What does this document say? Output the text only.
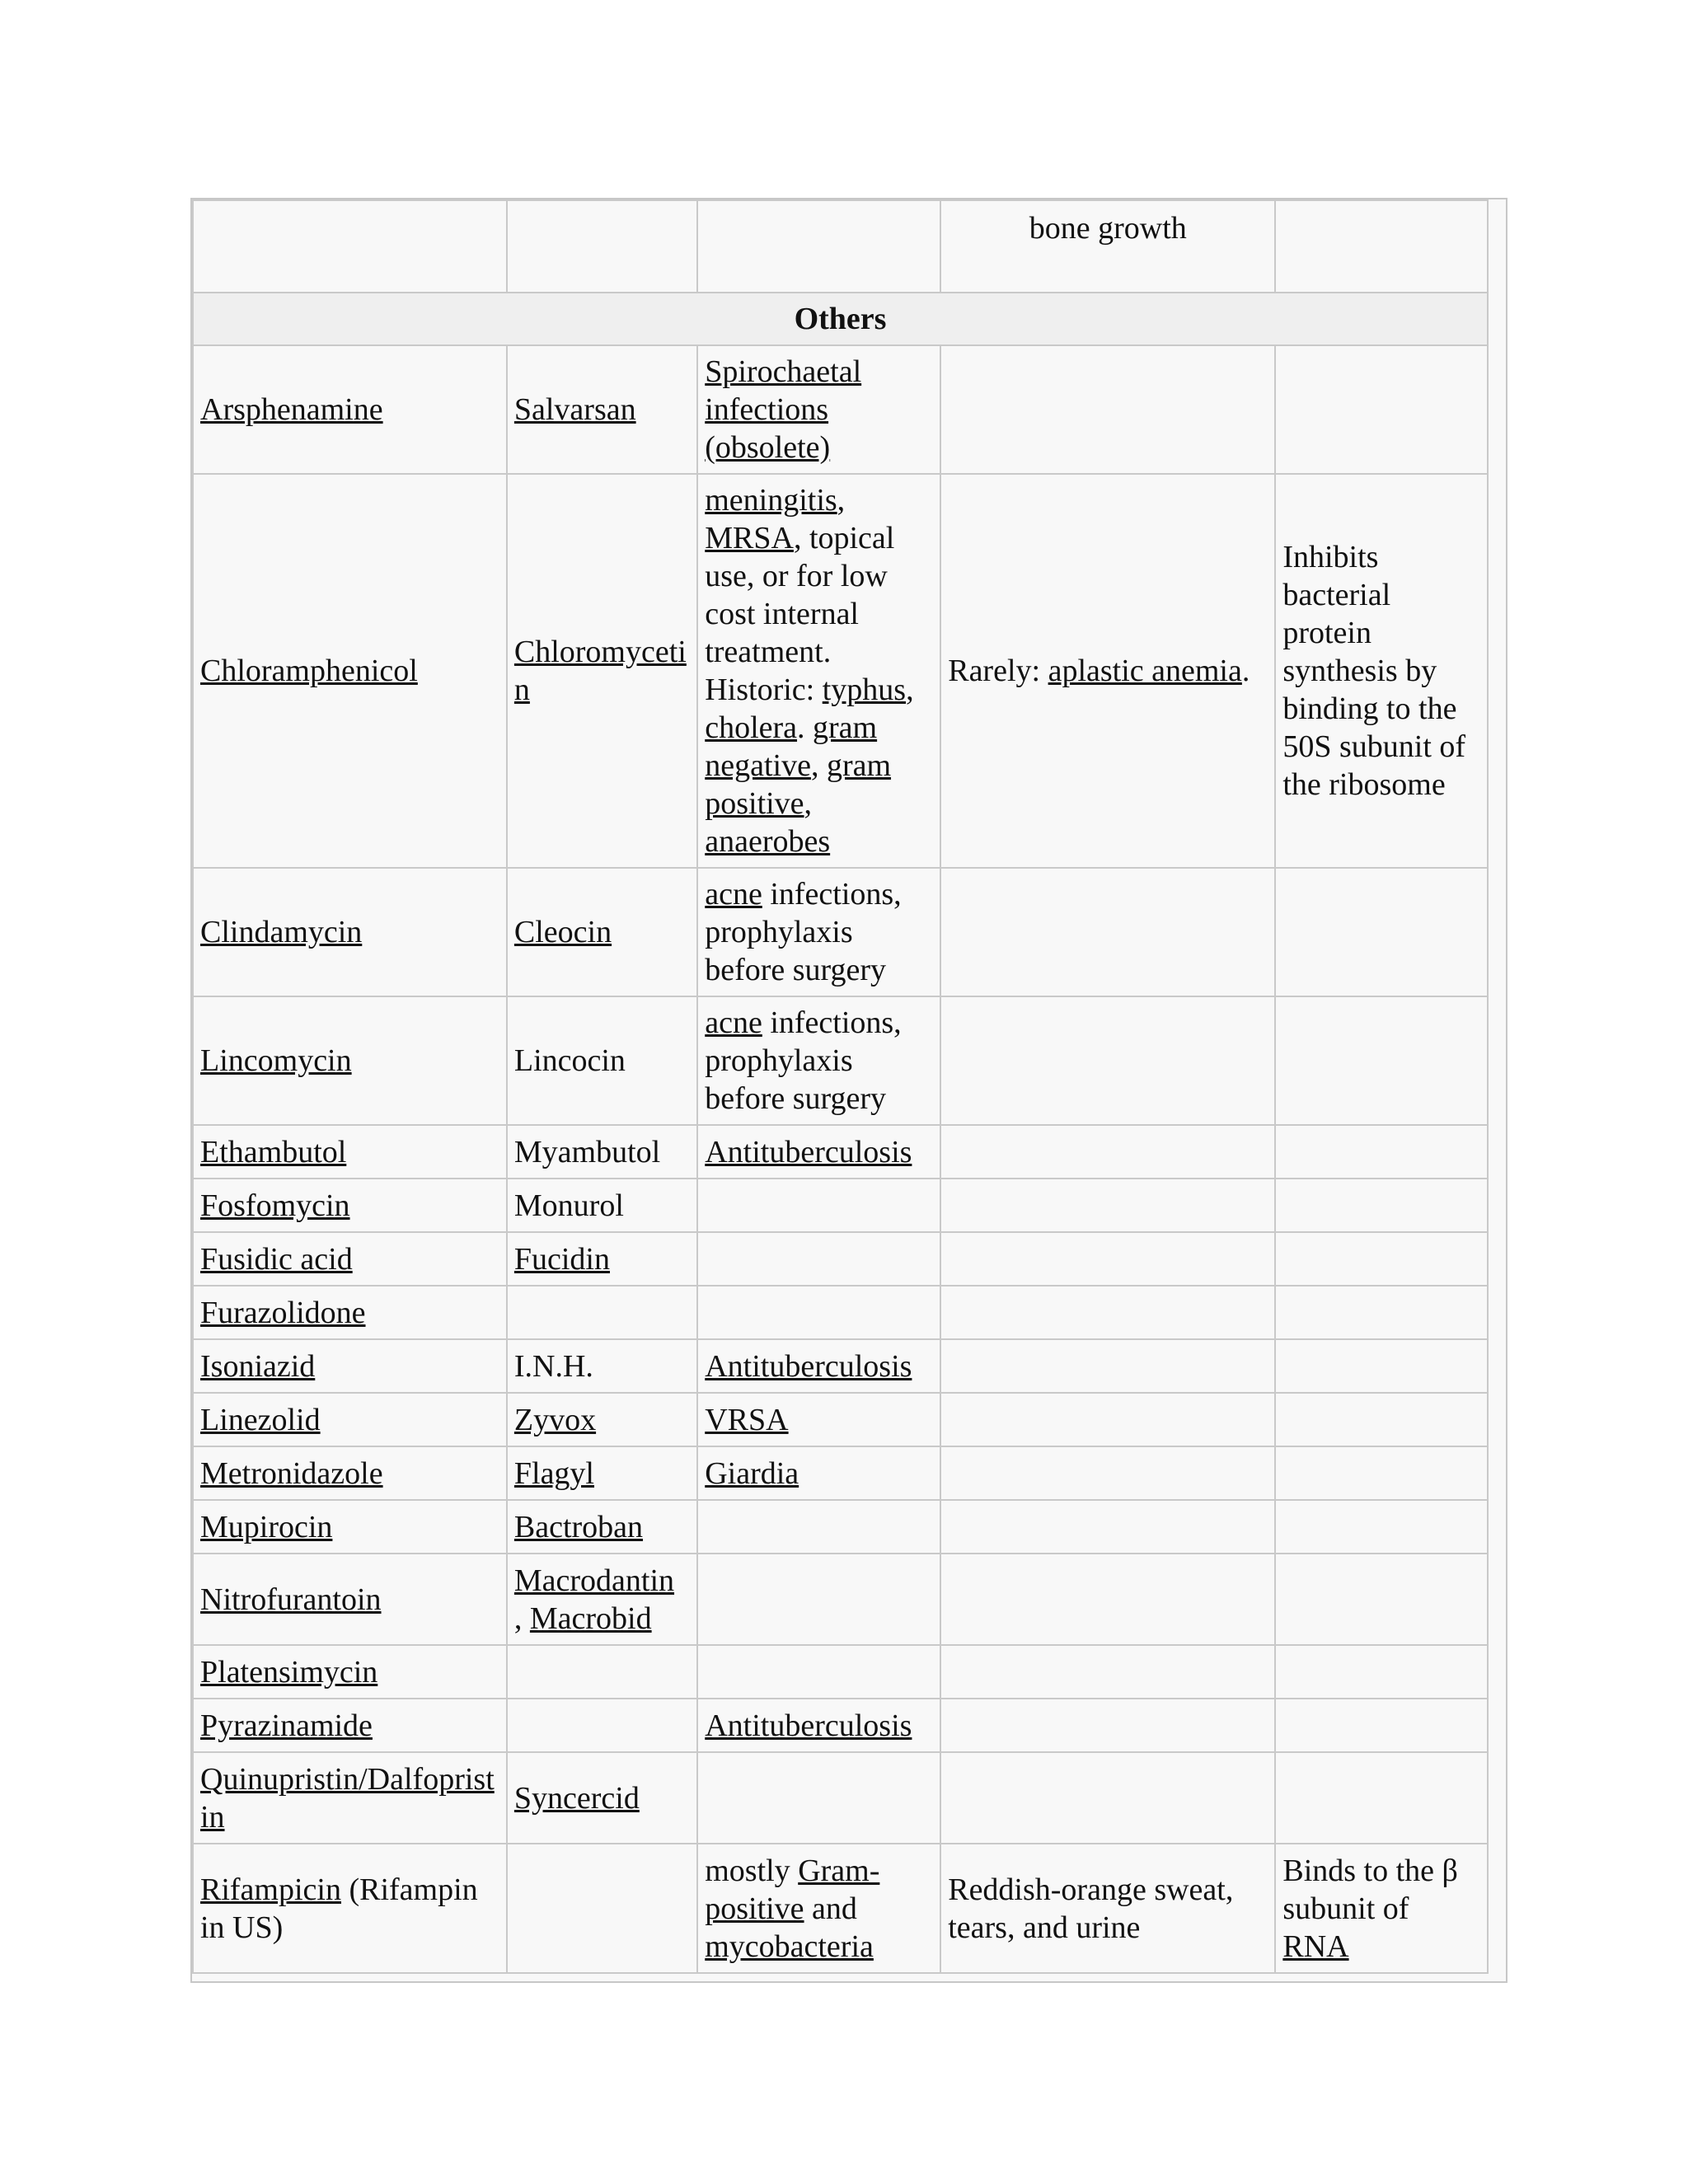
			bone growth	
Others				
Arsphenamine	Salvarsan	Spirochaetal infections (obsolete)		
Chloramphenicol	Chloromycetin	meningitis, MRSA, topical use, or for low cost internal treatment. Historic: typhus, cholera. gram negative, gram positive, anaerobes	Rarely: aplastic anemia.	Inhibits bacterial protein synthesis by binding to the 50S subunit of the ribosome
Clindamycin	Cleocin	acne infections, prophylaxis before surgery		
Lincomycin	Lincocin	acne infections, prophylaxis before surgery		
Ethambutol	Myambutol	Antituberculosis		
Fosfomycin	Monurol			
Fusidic acid	Fucidin			
Furazolidone				
Isoniazid	I.N.H.	Antituberculosis		
Linezolid	Zyvox	VRSA		
Metronidazole	Flagyl	Giardia		
Mupirocin	Bactroban			
Nitrofurantoin	Macrodantin
, Macrobid			
Platensimycin				
Pyrazinamide		Antituberculosis		
Quinupristin/Dalfopristin	Syncercid			
Rifampicin (Rifampin in US)		mostly Gram-positive and mycobacteria	Reddish-orange sweat, tears, and urine	Binds to the β subunit of RNA
